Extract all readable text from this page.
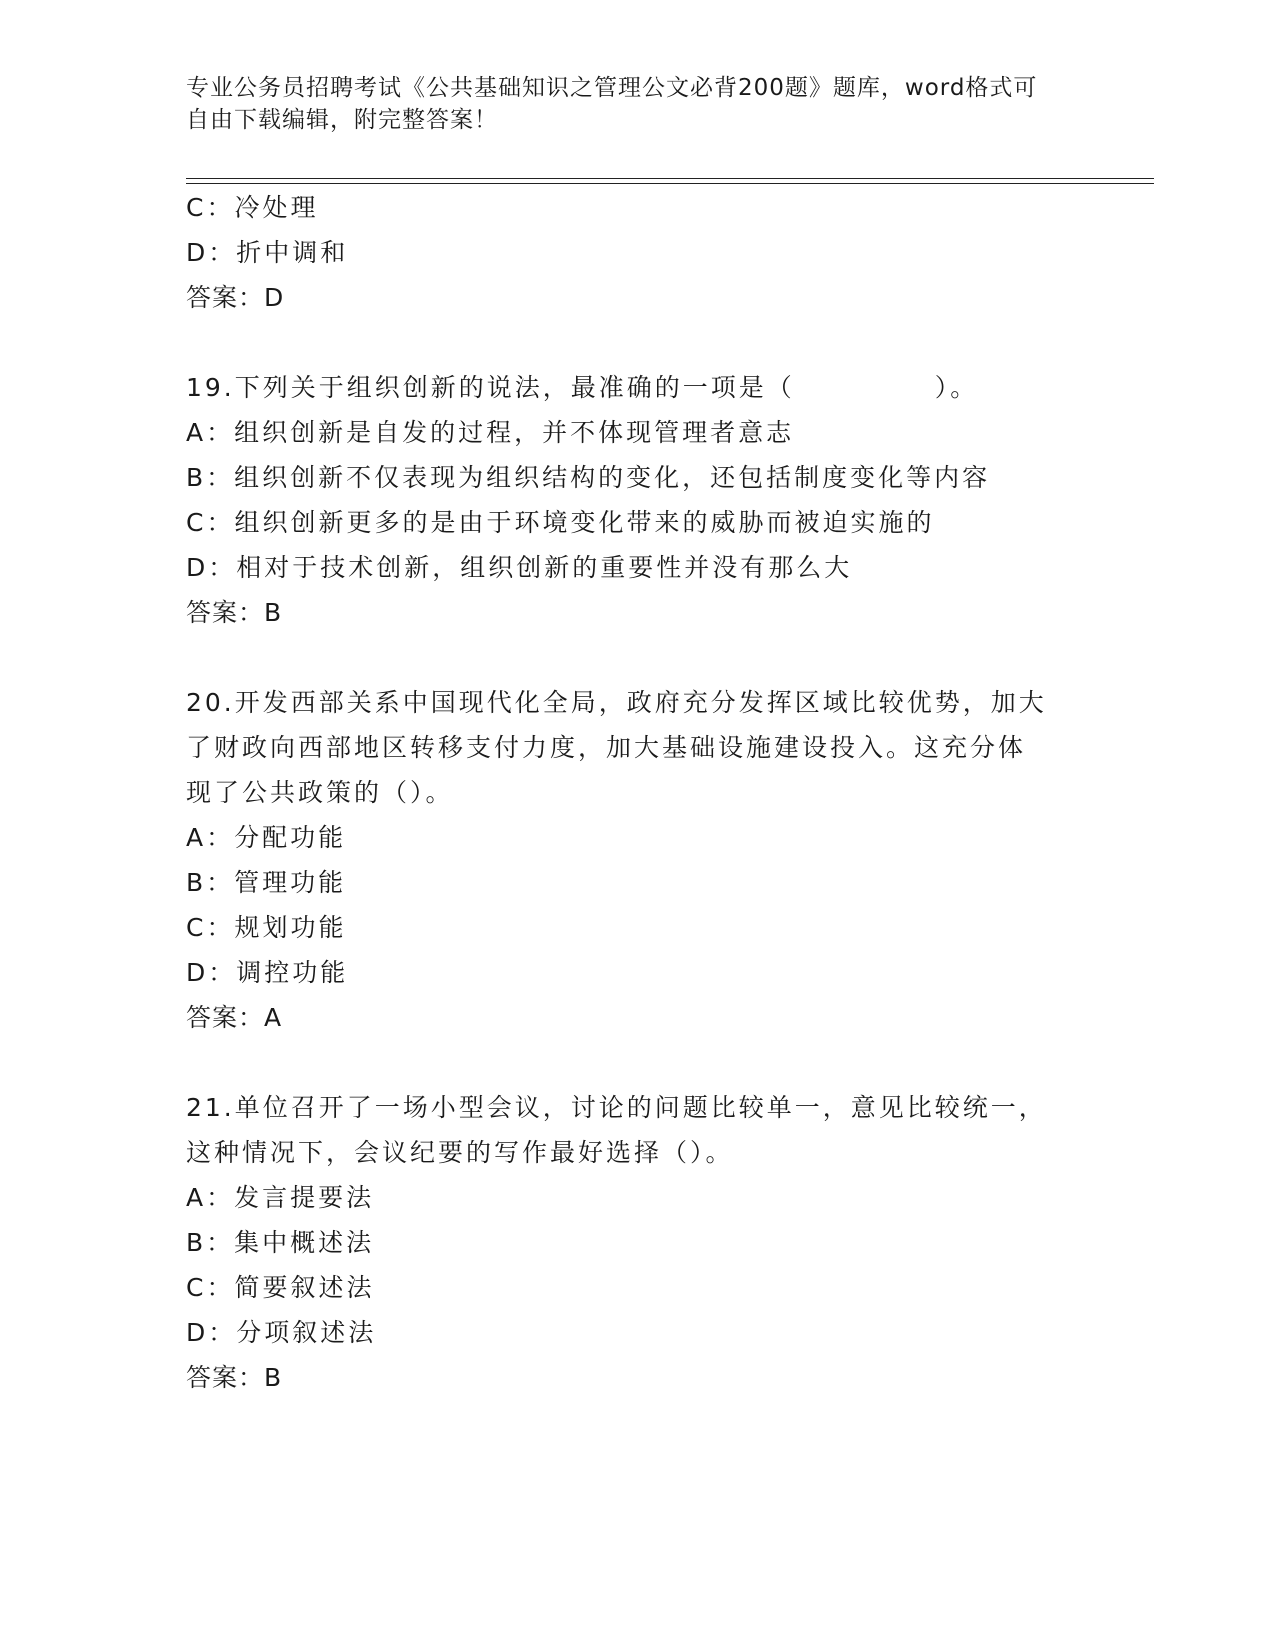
专业公务员招聘考试《公共基础知识之管理公文必背200题》题库，word格式可
自由下载编辑，附完整答案！
C：冷处理
D：折中调和
答案：D
19.下列关于组织创新的说法，最准确的一项是（　　　　　）。
A：组织创新是自发的过程，并不体现管理者意志
B：组织创新不仅表现为组织结构的变化，还包括制度变化等内容
C：组织创新更多的是由于环境变化带来的威胁而被迫实施的
D：相对于技术创新，组织创新的重要性并没有那么大
答案：B
20.开发西部关系中国现代化全局，政府充分发挥区域比较优势，加大
了财政向西部地区转移支付力度，加大基础设施建设投入。这充分体
现了公共政策的（）。
A：分配功能
B：管理功能
C：规划功能
D：调控功能
答案：A
21.单位召开了一场小型会议，讨论的问题比较单一，意见比较统一，
这种情况下，会议纪要的写作最好选择（）。
A：发言提要法
B：集中概述法
C：简要叙述法
D：分项叙述法
答案：B
